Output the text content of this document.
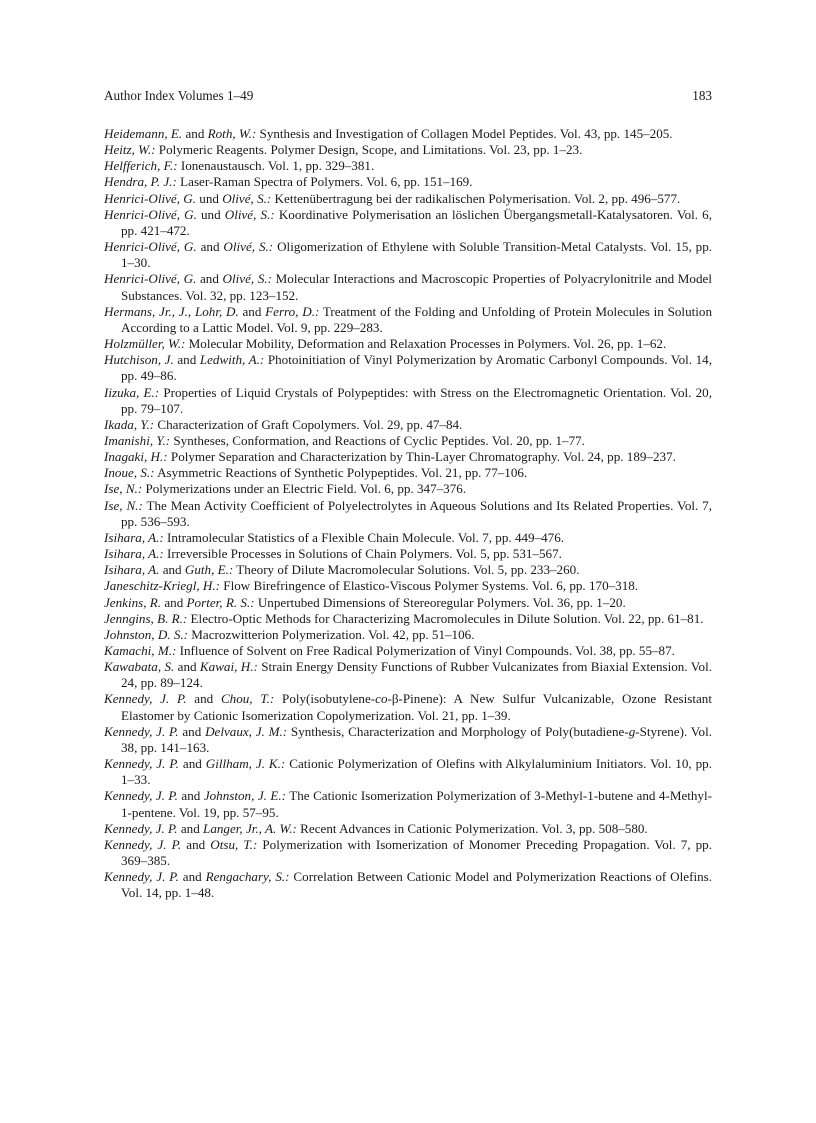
Author Index Volumes 1–49	183
Heidemann, E. and Roth, W.: Synthesis and Investigation of Collagen Model Peptides. Vol. 43, pp. 145–205.
Heitz, W.: Polymeric Reagents. Polymer Design, Scope, and Limitations. Vol. 23, pp. 1–23.
Helfferich, F.: Ionenaustausch. Vol. 1, pp. 329–381.
Hendra, P. J.: Laser-Raman Spectra of Polymers. Vol. 6, pp. 151–169.
Henrici-Olivé, G. und Olivé, S.: Kettenübertragung bei der radikalischen Polymerisation. Vol. 2, pp. 496–577.
Henrici-Olivé, G. und Olivé, S.: Koordinative Polymerisation an löslichen Übergangsmetall-Katalysatoren. Vol. 6, pp. 421–472.
Henrici-Olivé, G. and Olivé, S.: Oligomerization of Ethylene with Soluble Transition-Metal Catalysts. Vol. 15, pp. 1–30.
Henrici-Olivé, G. and Olivé, S.: Molecular Interactions and Macroscopic Properties of Polyacrylonitrile and Model Substances. Vol. 32, pp. 123–152.
Hermans, Jr., J., Lohr, D. and Ferro, D.: Treatment of the Folding and Unfolding of Protein Molecules in Solution According to a Lattic Model. Vol. 9, pp. 229–283.
Holzmüller, W.: Molecular Mobility, Deformation and Relaxation Processes in Polymers. Vol. 26, pp. 1–62.
Hutchison, J. and Ledwith, A.: Photoinitiation of Vinyl Polymerization by Aromatic Carbonyl Compounds. Vol. 14, pp. 49–86.
Iizuka, E.: Properties of Liquid Crystals of Polypeptides: with Stress on the Electromagnetic Orientation. Vol. 20, pp. 79–107.
Ikada, Y.: Characterization of Graft Copolymers. Vol. 29, pp. 47–84.
Imanishi, Y.: Syntheses, Conformation, and Reactions of Cyclic Peptides. Vol. 20, pp. 1–77.
Inagaki, H.: Polymer Separation and Characterization by Thin-Layer Chromatography. Vol. 24, pp. 189–237.
Inoue, S.: Asymmetric Reactions of Synthetic Polypeptides. Vol. 21, pp. 77–106.
Ise, N.: Polymerizations under an Electric Field. Vol. 6, pp. 347–376.
Ise, N.: The Mean Activity Coefficient of Polyelectrolytes in Aqueous Solutions and Its Related Properties. Vol. 7, pp. 536–593.
Isihara, A.: Intramolecular Statistics of a Flexible Chain Molecule. Vol. 7, pp. 449–476.
Isihara, A.: Irreversible Processes in Solutions of Chain Polymers. Vol. 5, pp. 531–567.
Isihara, A. and Guth, E.: Theory of Dilute Macromolecular Solutions. Vol. 5, pp. 233–260.
Janeschitz-Kriegl, H.: Flow Birefringence of Elastico-Viscous Polymer Systems. Vol. 6, pp. 170–318.
Jenkins, R. and Porter, R. S.: Unpertubed Dimensions of Stereoregular Polymers. Vol. 36, pp. 1–20.
Jenngins, B. R.: Electro-Optic Methods for Characterizing Macromolecules in Dilute Solution. Vol. 22, pp. 61–81.
Johnston, D. S.: Macrozwitterion Polymerization. Vol. 42, pp. 51–106.
Kamachi, M.: Influence of Solvent on Free Radical Polymerization of Vinyl Compounds. Vol. 38, pp. 55–87.
Kawabata, S. and Kawai, H.: Strain Energy Density Functions of Rubber Vulcanizates from Biaxial Extension. Vol. 24, pp. 89–124.
Kennedy, J. P. and Chou, T.: Poly(isobutylene-co-β-Pinene): A New Sulfur Vulcanizable, Ozone Resistant Elastomer by Cationic Isomerization Copolymerization. Vol. 21, pp. 1–39.
Kennedy, J. P. and Delvaux, J. M.: Synthesis, Characterization and Morphology of Poly(butadiene-g-Styrene). Vol. 38, pp. 141–163.
Kennedy, J. P. and Gillham, J. K.: Cationic Polymerization of Olefins with Alkylaluminium Initiators. Vol. 10, pp. 1–33.
Kennedy, J. P. and Johnston, J. E.: The Cationic Isomerization Polymerization of 3-Methyl-1-butene and 4-Methyl-1-pentene. Vol. 19, pp. 57–95.
Kennedy, J. P. and Langer, Jr., A. W.: Recent Advances in Cationic Polymerization. Vol. 3, pp. 508–580.
Kennedy, J. P. and Otsu, T.: Polymerization with Isomerization of Monomer Preceding Propagation. Vol. 7, pp. 369–385.
Kennedy, J. P. and Rengachary, S.: Correlation Between Cationic Model and Polymerization Reactions of Olefins. Vol. 14, pp. 1–48.
